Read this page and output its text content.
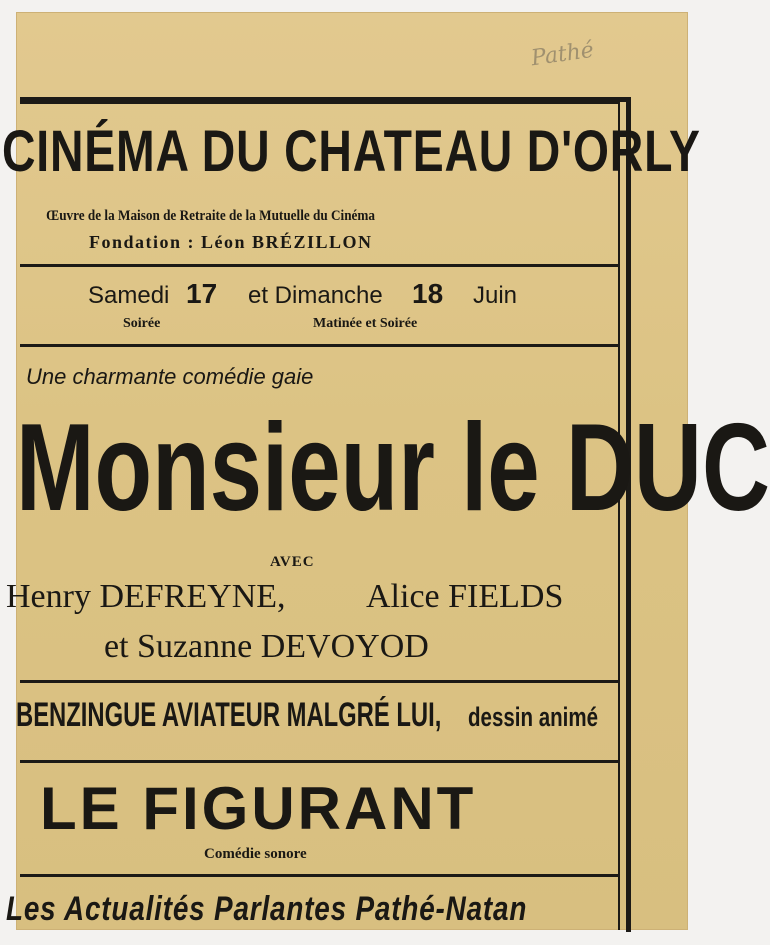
Pathé
CINÉMA DU CHATEAU D'ORLY
Œuvre de la Maison de Retraite de la Mutuelle du Cinéma
Fondation : Léon BRÉZILLON
Samedi 17 et Dimanche 18 Juin
Soirée	Matinée et Soirée
Une charmante comédie gaie
Monsieur le DUC
AVEC
Henry DEFREYNE, Alice FIELDS
et Suzanne DEVOYOD
BENZINGUE AVIATEUR MALGRÉ LUI, dessin animé
LE FIGURANT
Comédie sonore
Les Actualités Parlantes Pathé-Natan
